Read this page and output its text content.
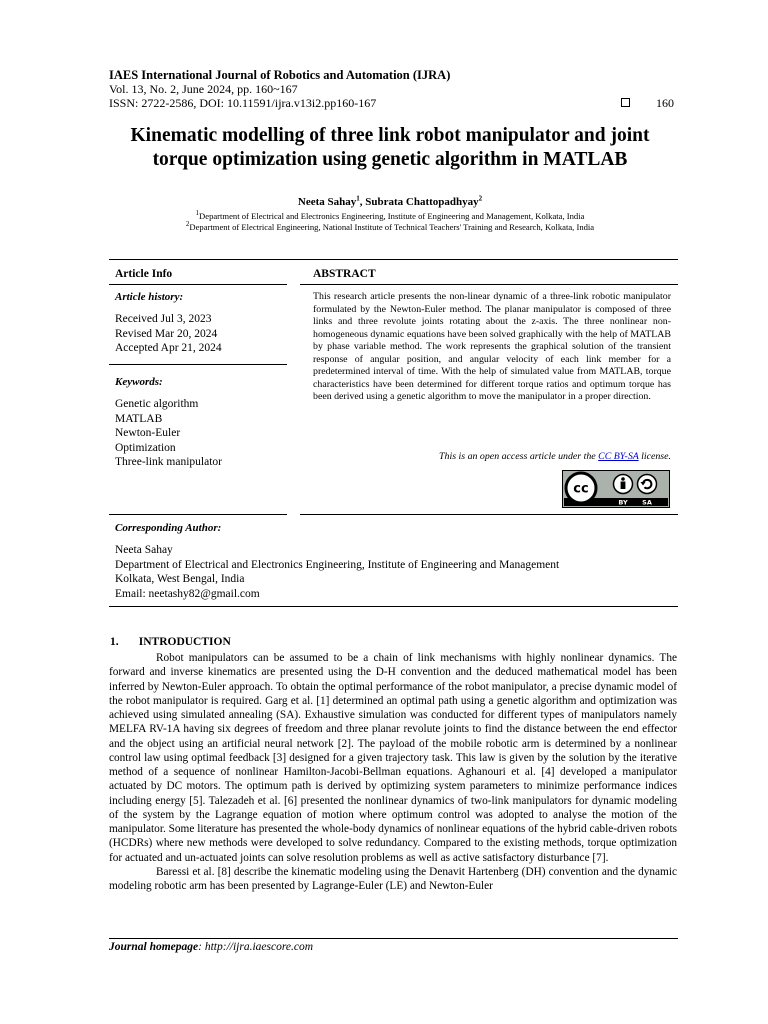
IAES International Journal of Robotics and Automation (IJRA)
Vol. 13, No. 2, June 2024, pp. 160~167
ISSN: 2722-2586, DOI: 10.11591/ijra.v13i2.pp160-167	160
Kinematic modelling of three link robot manipulator and joint
torque optimization using genetic algorithm in MATLAB
Neeta Sahay$^1$, Subrata Chattopadhyay$^2$
$^1$Department of Electrical and Electronics Engineering, Institute of Engineering and Management, Kolkata, India
$^2$Department of Electrical Engineering, National Institute of Technical Teachers' Training and Research, Kolkata, India
Article Info
Article history:
Received Jul 3, 2023
Revised Mar 20, 2024
Accepted Apr 21, 2024
Keywords:
Genetic algorithm
MATLAB
Newton-Euler
Optimization
Three-link manipulator
ABSTRACT
This research article presents the non-linear dynamic of a three-link robotic manipulator formulated by the Newton-Euler method. The planar manipulator is composed of three links and three revolute joints rotating about the z-axis. The three nonlinear non-homogeneous dynamic equations have been solved graphically with the help of MATLAB by phase variable method. The work represents the graphical solution of the transient response of angular position, and angular velocity of each link member for a predetermined interval of time. With the help of simulated value from MATLAB, torque characteristics have been determined for different torque ratios and optimum torque has been derived using a genetic algorithm to move the manipulator in a proper direction.
This is an open access article under the CC BY-SA license.
cc
BY SA
Corresponding Author:
Neeta Sahay
Department of Electrical and Electronics Engineering, Institute of Engineering and Management
Kolkata, West Bengal, India
Email: neetashy82@gmail.com
1.       INTRODUCTION

Robot manipulators can be assumed to be a chain of link mechanisms with highly nonlinear dynamics. The forward and inverse kinematics are presented using the D-H convention and the deduced mathematical model has been inferred by Newton-Euler approach. To obtain the optimal performance of the robot manipulator, a precise dynamic model of the robot manipulator is required. Garg et al. [1] determined an optimal path using a genetic algorithm and optimization was achieved using simulated annealing (SA). Exhaustive simulation was conducted for different types of manipulators namely MELFA RV-1A having six degrees of freedom and three planar revolute joints to find the distance between the end effector and the object using an artificial neural network [2]. The payload of the mobile robotic arm is determined by a nonlinear control law using optimal feedback [3] designed for a given trajectory task. This law is given by the solution by the iterative method of a sequence of nonlinear Hamilton-Jacobi-Bellman equations. Aghanouri et al. [4] developed a manipulator actuated by DC motors. The optimum path is derived by optimizing system parameters to minimize performance indices including energy [5]. Talezadeh et al. [6] presented the nonlinear dynamics of two-link manipulators for dynamic modeling of the system by the Lagrange equation of motion where optimum control was adopted to analyse the motion of the manipulator. Some literature has presented the whole-body dynamics of nonlinear equations of the hybrid cable-driven robots (HCDRs) where new methods were developed to solve redundancy. Compared to the existing methods, torque optimization for actuated and un-actuated joints can solve resolution problems as well as active satisfactory disturbance [7].

Baressi et al. [8] describe the kinematic modeling using the Denavit Hartenberg (DH) convention and the dynamic modeling robotic arm has been presented by Lagrange-Euler (LE) and Newton-Euler

Journal homepage: http://ijra.iaescore.com
